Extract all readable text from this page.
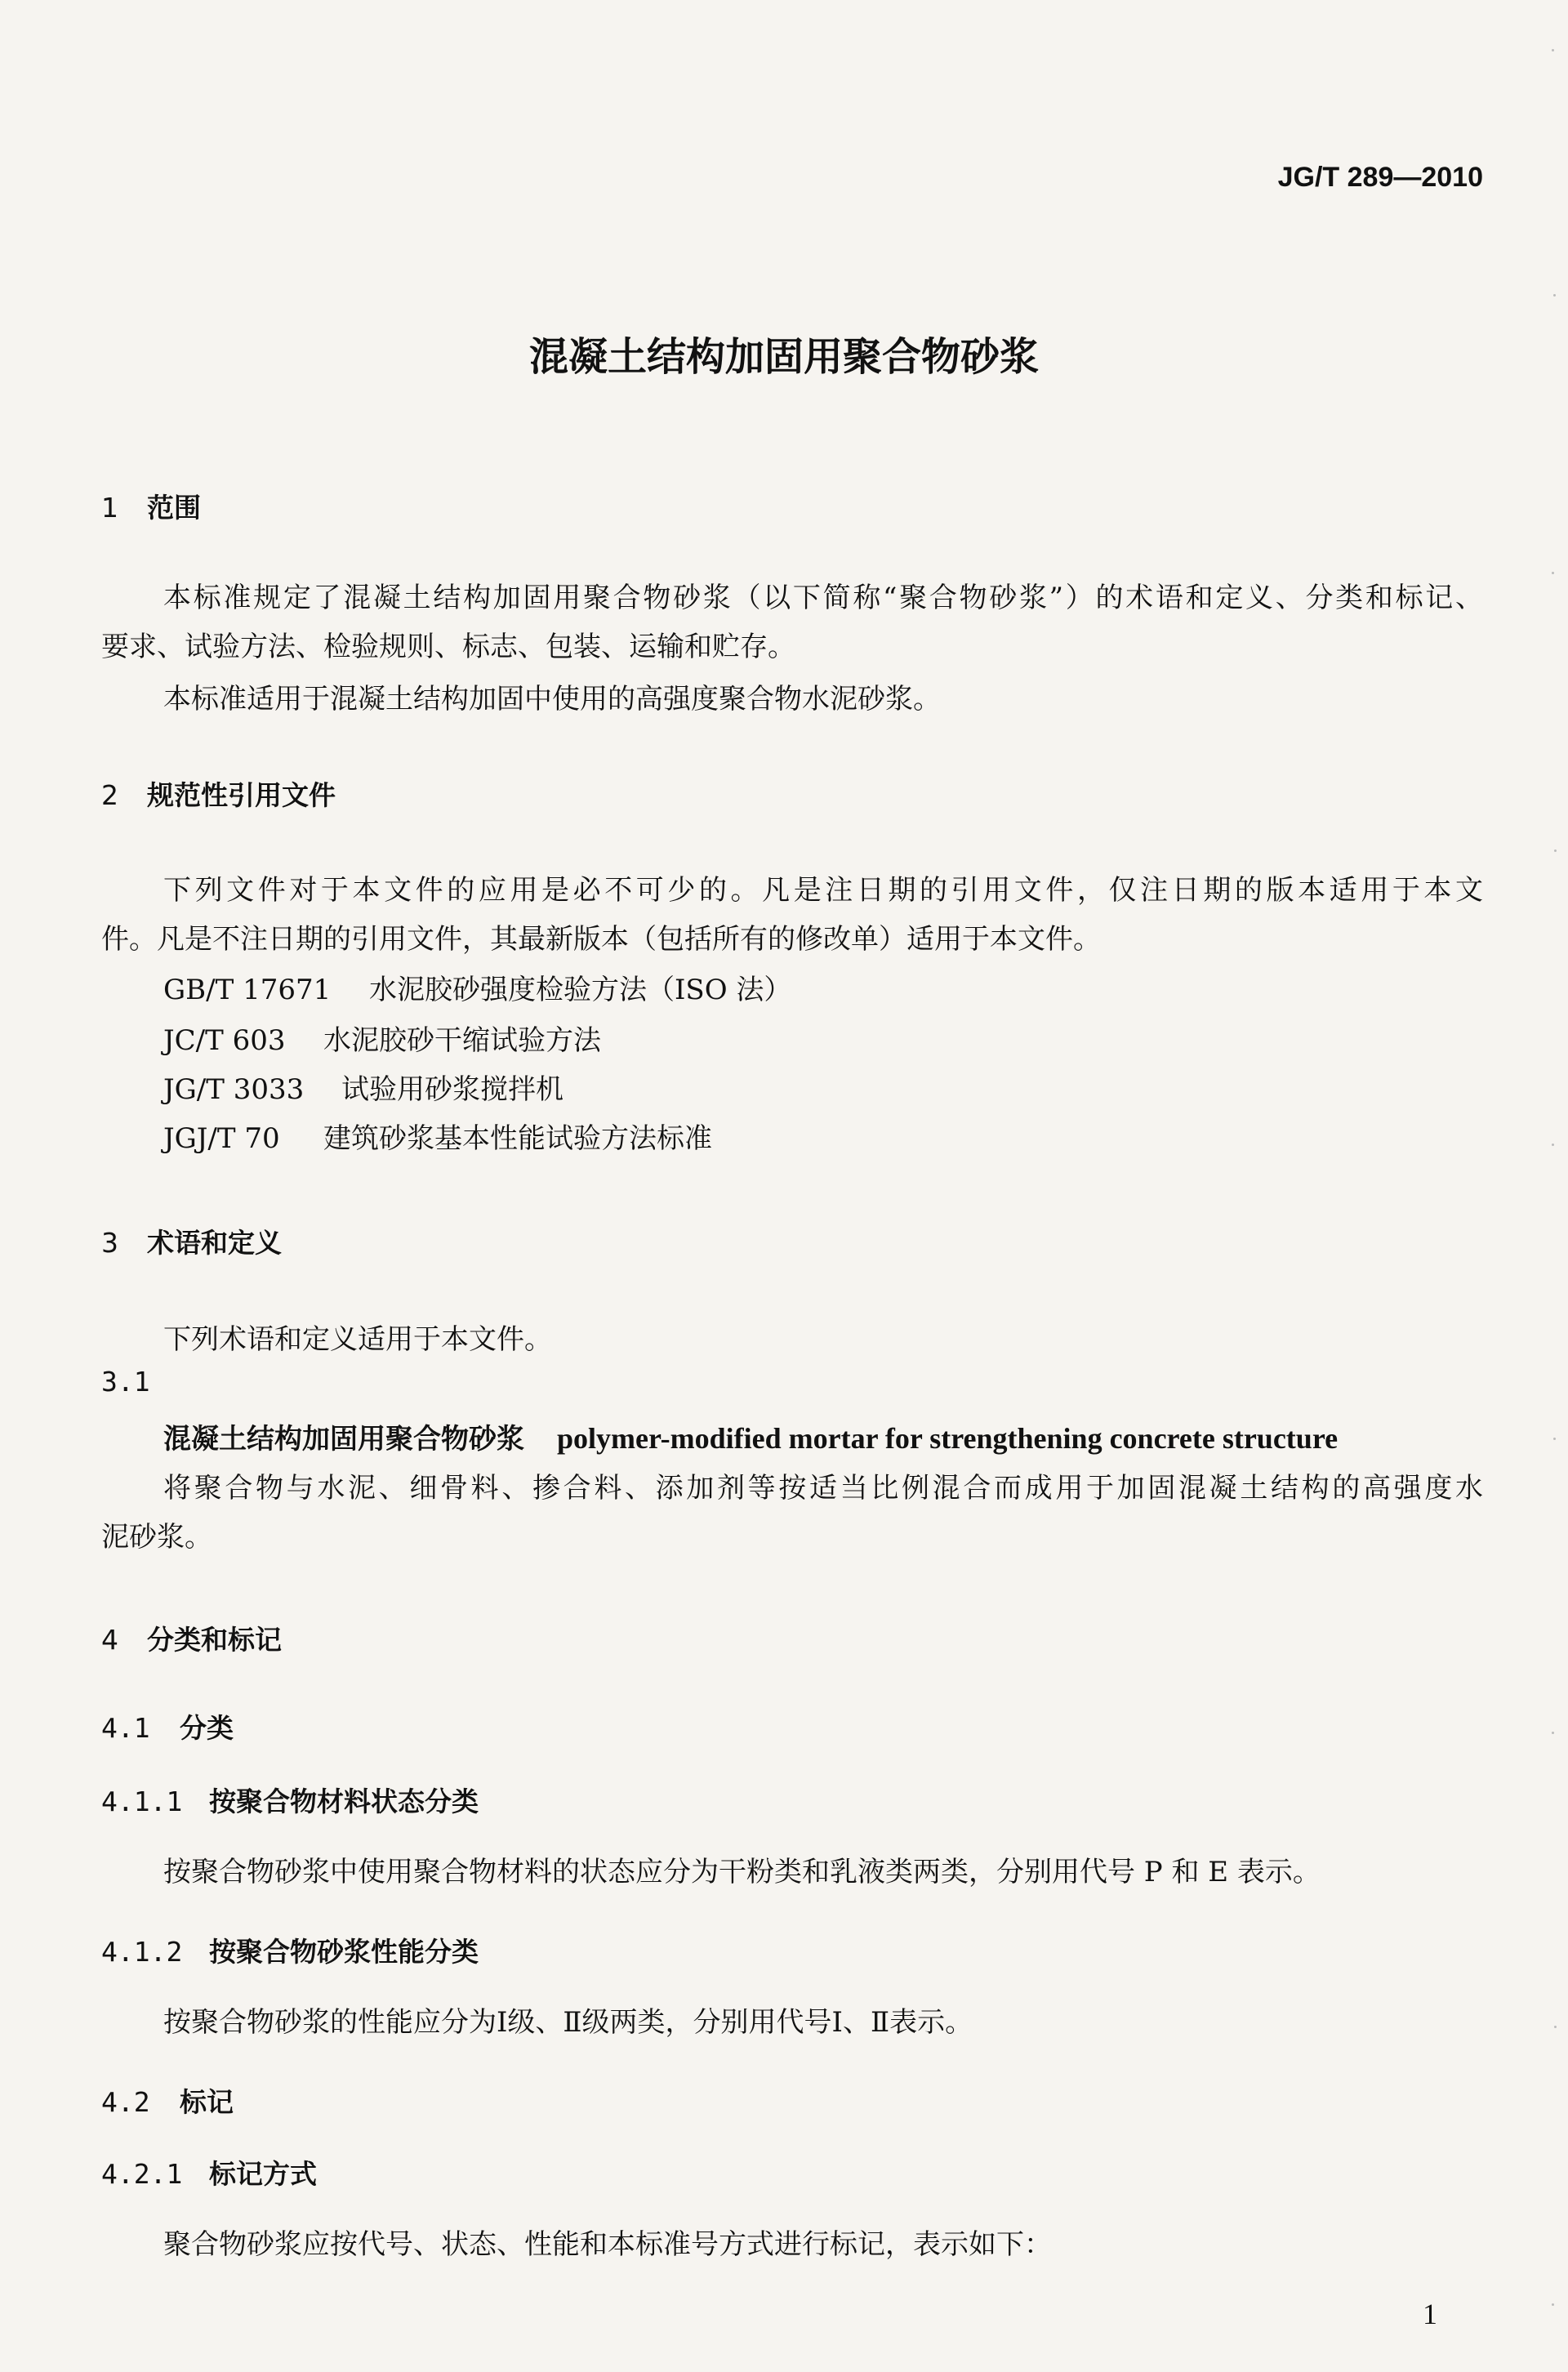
JG/T 289—2010
混凝土结构加固用聚合物砂浆
1 范围
本标准规定了混凝土结构加固用聚合物砂浆（以下简称“聚合物砂浆”）的术语和定义、分类和标记、
要求、试验方法、检验规则、标志、包装、运输和贮存。
本标准适用于混凝土结构加固中使用的高强度聚合物水泥砂浆。
2 规范性引用文件
下列文件对于本文件的应用是必不可少的。凡是注日期的引用文件，仅注日期的版本适用于本文
件。凡是不注日期的引用文件，其最新版本（包括所有的修改单）适用于本文件。
GB/T 17671 水泥胶砂强度检验方法（ISO 法）
JC/T 603 水泥胶砂干缩试验方法
JG/T 3033 试验用砂浆搅拌机
JGJ/T 70 建筑砂浆基本性能试验方法标准
3 术语和定义
下列术语和定义适用于本文件。
3.1
混凝土结构加固用聚合物砂浆 polymer-modified mortar for strengthening concrete structure
将聚合物与水泥、细骨料、掺合料、添加剂等按适当比例混合而成用于加固混凝土结构的高强度水
泥砂浆。
4 分类和标记
4.1 分类
4.1.1 按聚合物材料状态分类
按聚合物砂浆中使用聚合物材料的状态应分为干粉类和乳液类两类，分别用代号 P 和 E 表示。
4.1.2 按聚合物砂浆性能分类
按聚合物砂浆的性能应分为Ⅰ级、Ⅱ级两类，分别用代号Ⅰ、Ⅱ表示。
4.2 标记
4.2.1 标记方式
聚合物砂浆应按代号、状态、性能和本标准号方式进行标记，表示如下：
1
